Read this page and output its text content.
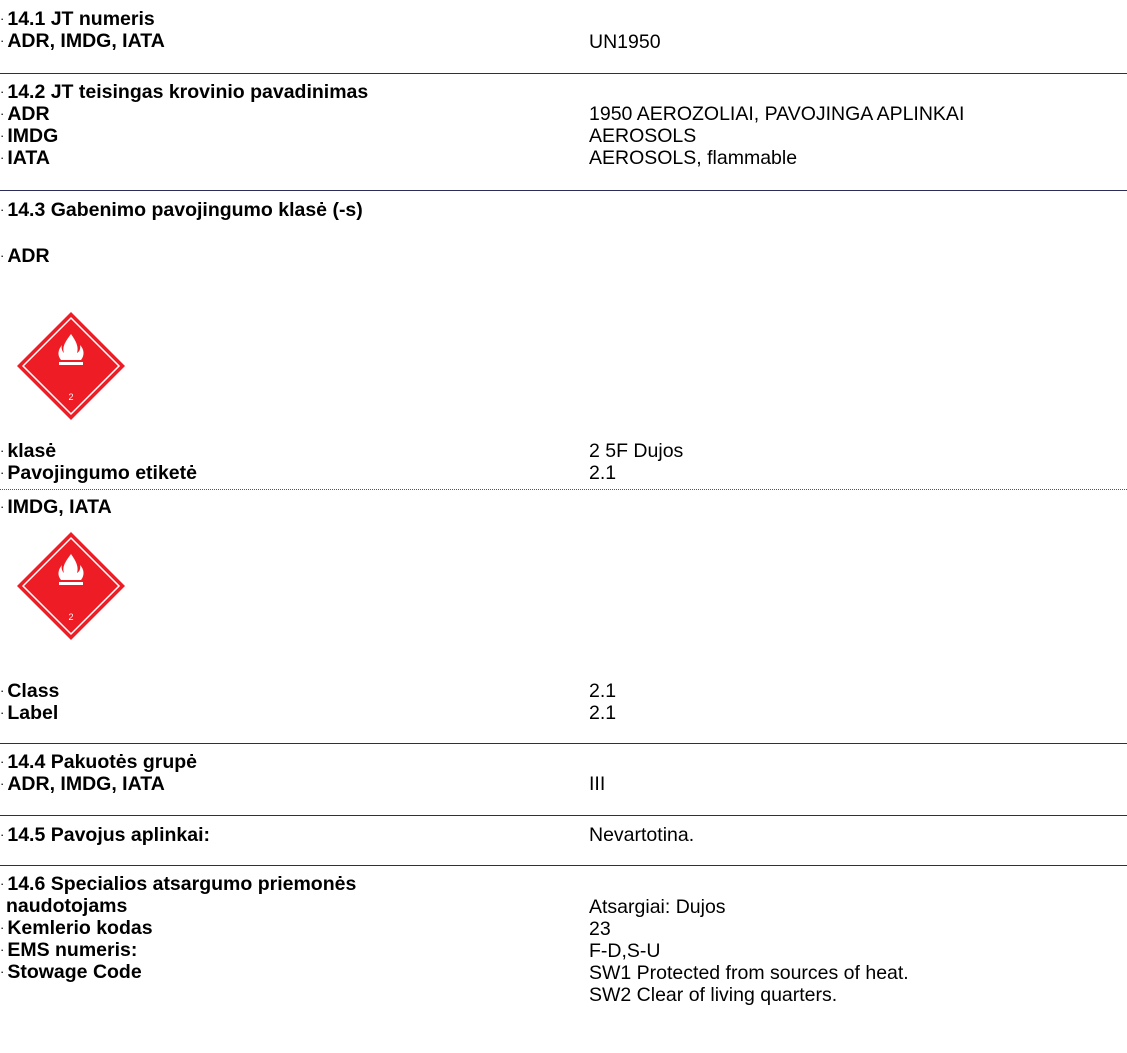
· 14.1 JT numeris
· ADR, IMDG, IATA	UN1950
· 14.2 JT teisingas krovinio pavadinimas
· ADR	1950 AEROZOLIAI, PAVOJINGA APLINKAI
· IMDG	AEROSOLS
· IATA	AEROSOLS, flammable
· 14.3 Gabenimo pavojingumo klasė (-s)
· ADR
2
· klasė	2 5F Dujos
· Pavojingumo etiketė	2.1
· IMDG, IATA
2
· Class	2.1
· Label	2.1
· 14.4 Pakuotės grupė
· ADR, IMDG, IATA	III
· 14.5 Pavojus aplinkai:	Nevartotina.
· 14.6 Specialios atsargumo priemonės
naudotojams	Atsargiai: Dujos
· Kemlerio kodas	23
· EMS numeris:	F-D,S-U
· Stowage Code	SW1 Protected from sources of heat.
SW2 Clear of living quarters.
